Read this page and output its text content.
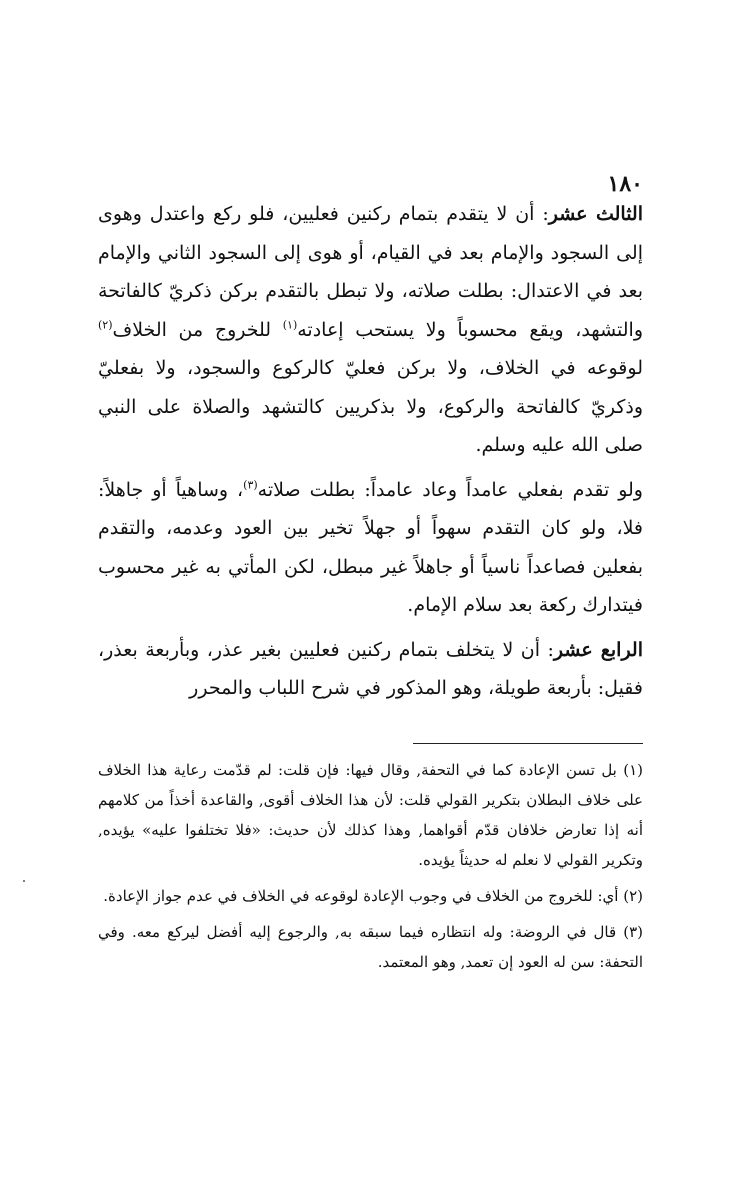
١٨٠

الثالث عشر: أن لا يتقدم بتمام ركنين فعليين، فلو ركع واعتدل وهوى إلى السجود والإمام بعد في القيام، أو هوى إلى السجود الثاني والإمام بعد في الاعتدال: بطلت صلاته، ولا تبطل بالتقدم بركن ذكريّ كالفاتحة والتشهد، ويقع محسوباً ولا يستحب إعادته$^{(١)}$ للخروج من الخلاف$^{(٢)}$ لوقوعه في الخلاف، ولا بركن فعليّ كالركوع والسجود، ولا بفعليّ وذكريّ كالفاتحة والركوع، ولا بذكريين كالتشهد والصلاة على النبي صلى الله عليه وسلم.

ولو تقدم بفعلي عامداً وعاد عامداً: بطلت صلاته$^{(٣)}$، وساهياً أو جاهلاً: فلا، ولو كان التقدم سهواً أو جهلاً تخير بين العود وعدمه، والتقدم بفعلين فصاعداً ناسياً أو جاهلاً غير مبطل، لكن المأتي به غير محسوب فيتدارك ركعة بعد سلام الإمام.

الرابع عشر: أن لا يتخلف بتمام ركنين فعليين بغير عذر، وبأربعة بعذر، فقيل: بأربعة طويلة، وهو المذكور في شرح اللباب والمحرر

(١) بل تسن الإعادة كما في التحفة, وقال فيها: فإن قلت: لم قدّمت رعاية هذا الخلاف على خلاف البطلان بتكرير القولي قلت: لأن هذا الخلاف أقوى, والقاعدة أخذاً من كلامهم أنه إذا تعارض خلافان قدّم أقواهما, وهذا كذلك لأن حديث: «فلا تختلفوا عليه» يؤيده, وتكرير القولي لا نعلم له حديثاً يؤيده.

(٢) أي: للخروج من الخلاف في وجوب الإعادة لوقوعه في الخلاف في عدم جواز الإعادة.

(٣) قال في الروضة: وله انتظاره فيما سبقه به, والرجوع إليه أفضل ليركع معه. وفي التحفة: سن له العود إن تعمد, وهو المعتمد.
